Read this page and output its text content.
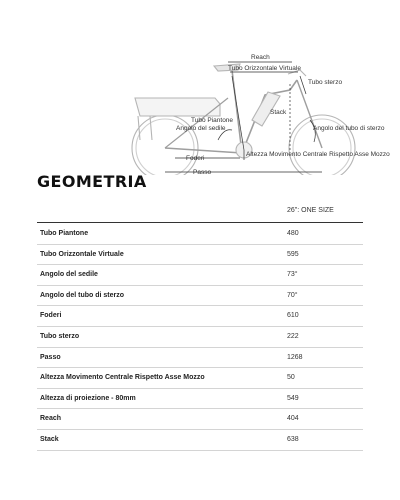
Reach
Tubo Orizzontale Virtuale
Tubo sterzo
Stack
Tubo Piantone
Angolo del sedile	Angolo del tubo di sterzo
Foderi
Altezza Movimento Centrale Rispetto Asse Mozzo
Passo
GEOMETRIA
26": ONE SIZE
Tubo Piantone	480
Tubo Orizzontale Virtuale	595
Angolo del sedile	73°
Angolo del tubo di sterzo	70°
Foderi	610
Tubo sterzo	222
Passo	1268
Altezza Movimento Centrale Rispetto Asse Mozzo	50
Altezza di proiezione - 80mm	549
Reach	404
Stack	638
